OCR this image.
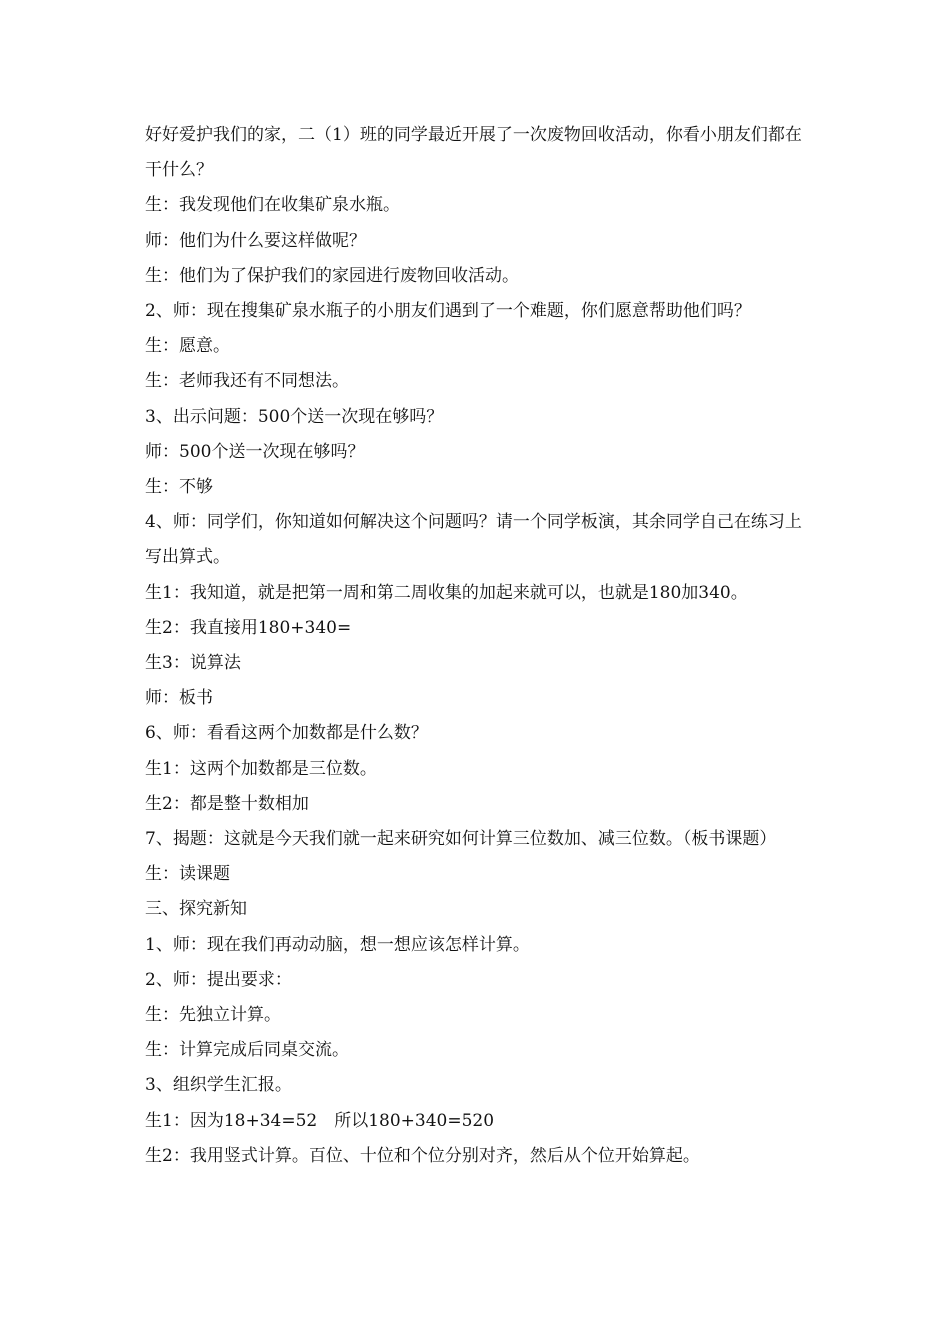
好好爱护我们的家，二（1）班的同学最近开展了一次废物回收活动，你看小朋友们都在干什么？

生：我发现他们在收集矿泉水瓶。

师：他们为什么要这样做呢？

生：他们为了保护我们的家园进行废物回收活动。

2、师：现在搜集矿泉水瓶子的小朋友们遇到了一个难题，你们愿意帮助他们吗？

生：愿意。

生：老师我还有不同想法。

3、出示问题：500个送一次现在够吗？

师：500个送一次现在够吗？

生：不够

4、师：同学们，你知道如何解决这个问题吗？请一个同学板演，其余同学自己在练习上写出算式。

生1：我知道，就是把第一周和第二周收集的加起来就可以，也就是180加340。

生2：我直接用180+340=

生3：说算法

师：板书

6、师：看看这两个加数都是什么数？

生1：这两个加数都是三位数。

生2：都是整十数相加

7、揭题：这就是今天我们就一起来研究如何计算三位数加、减三位数。（板书课题）

生：读课题

三、探究新知

1、师：现在我们再动动脑，想一想应该怎样计算。

2、师：提出要求：

生：先独立计算。

生：计算完成后同桌交流。

3、组织学生汇报。

生1：因为18+34=52　所以180+340=520

生2：我用竖式计算。百位、十位和个位分别对齐，然后从个位开始算起。
